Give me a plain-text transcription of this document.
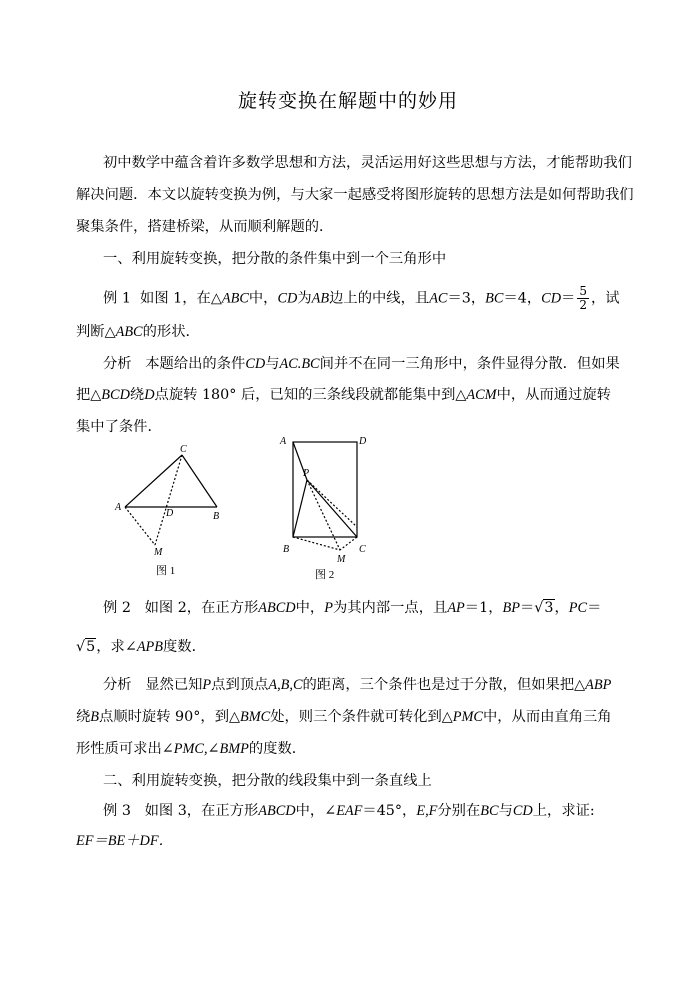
旋转变换在解题中的妙用
初中数学中蕴含着许多数学思想和方法，灵活运用好这些思想与方法，才能帮助我们
解决问题．本文以旋转变换为例，与大家一起感受将图形旋转的思想方法是如何帮助我们
聚集条件，搭建桥梁，从而顺利解题的．
一、利用旋转变换，把分散的条件集中到一个三角形中
例 1 如图 1，在△ABC中，CD为AB边上的中线，且AC＝3，BC＝4，$CD= \frac{5}{2}$ ，试
判断△ABC的形状．
分析 本题给出的条件CD与AC.BC间并不在同一三角形中，条件显得分散．但如果
把△BCD绕D点旋转 180° 后，已知的三条线段就都能集中到△ACM中，从而通过旋转
集中了条件．
C
A
D	B
M
图 1
A	D
P
B	C
M
图 2
例 2 如图 2，在正方形ABCD中，P为其内部一点，且AP＝1，BP＝√3，PC＝
√5，求∠APB度数．
分析 显然已知P点到顶点A,B,C的距离，三个条件也是过于分散，但如果把△ABP
绕B点顺时旋转 90°，到△BMC处，则三个条件就可转化到△PMC中，从而由直角三角
形性质可求出∠PMC,∠BMP的度数．
二、利用旋转变换，把分散的线段集中到一条直线上
例 3 如图 3，在正方形ABCD中，∠EAF＝45°，E,F分别在BC与CD上，求证:
EF＝BE＋DF．
